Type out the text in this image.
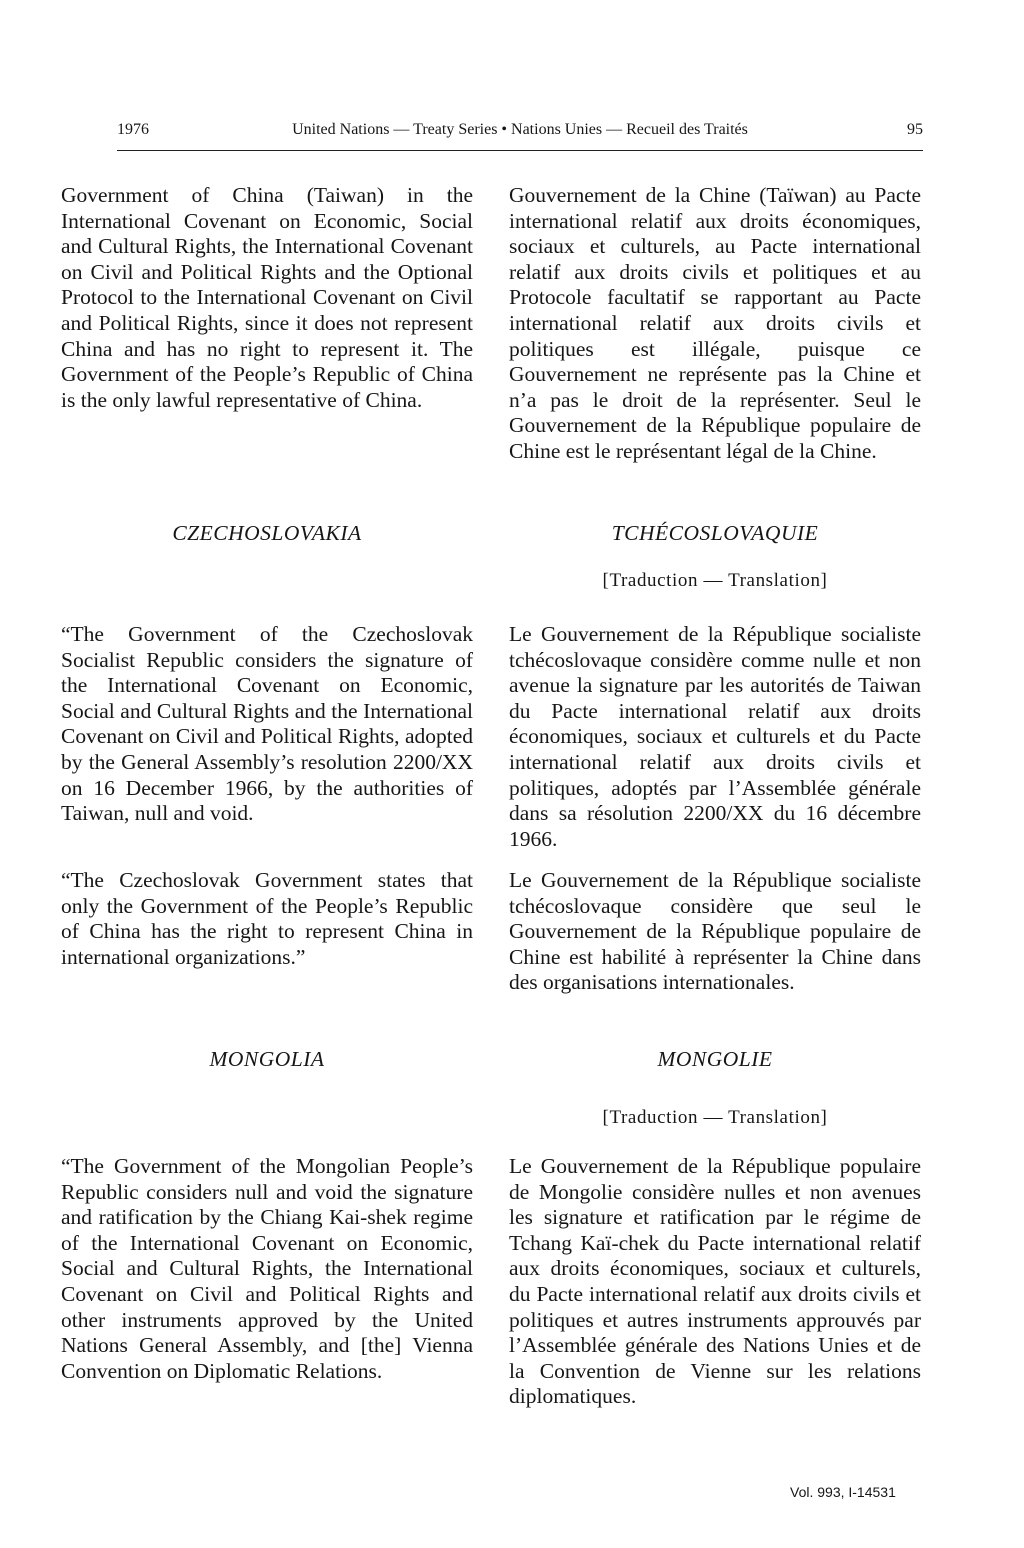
1976	United Nations — Treaty Series • Nations Unies — Recueil des Traités	95

Government of China (Taiwan) in the International Covenant on Economic, Social and Cultural Rights, the International Covenant on Civil and Political Rights and the Optional Protocol to the International Covenant on Civil and Political Rights, since it does not represent China and has no right to represent it. The Government of the People’s Republic of China is the only lawful representative of China.

CZECHOSLOVAKIA

“The Government of the Czechoslovak Socialist Republic considers the signature of the International Covenant on Economic, Social and Cultural Rights and the International Covenant on Civil and Political Rights, adopted by the General Assembly’s resolution 2200/XX on 16 December 1966, by the authorities of Taiwan, null and void.

“The Czechoslovak Government states that only the Government of the People’s Republic of China has the right to represent China in international organizations.”

MONGOLIA

“The Government of the Mongolian People’s Republic considers null and void the signature and ratification by the Chiang Kai-shek regime of the International Covenant on Economic, Social and Cultural Rights, the International Covenant on Civil and Political Rights and other instruments approved by the United Nations General Assembly, and [the] Vienna Convention on Diplomatic Relations.

Gouvernement de la Chine (Taïwan) au Pacte international relatif aux droits économiques, sociaux et culturels, au Pacte international relatif aux droits civils et politiques et au Protocole facultatif se rapportant au Pacte international relatif aux droits civils et politiques est illégale, puisque ce Gouvernement ne représente pas la Chine et n’a pas le droit de la représenter. Seul le Gouvernement de la République populaire de Chine est le représentant légal de la Chine.

TCHÉCOSLOVAQUIE
[Traduction — Translation]

Le Gouvernement de la République socialiste tchécoslovaque considère comme nulle et non avenue la signature par les autorités de Taiwan du Pacte international relatif aux droits économiques, sociaux et culturels et du Pacte international relatif aux droits civils et politiques, adoptés par l’Assemblée générale dans sa résolution 2200/XX du 16 décembre 1966.

Le Gouvernement de la République socialiste tchécoslovaque considère que seul le Gouvernement de la République populaire de Chine est habilité à représenter la Chine dans des organisations internationales.

MONGOLIE
[Traduction — Translation]

Le Gouvernement de la République populaire de Mongolie considère nulles et non avenues les signature et ratification par le régime de Tchang Kaï-chek du Pacte international relatif aux droits économiques, sociaux et culturels, du Pacte international relatif aux droits civils et politiques et autres instruments approuvés par l’Assemblée générale des Nations Unies et de la Convention de Vienne sur les relations diplomatiques.

Vol. 993, I-14531
